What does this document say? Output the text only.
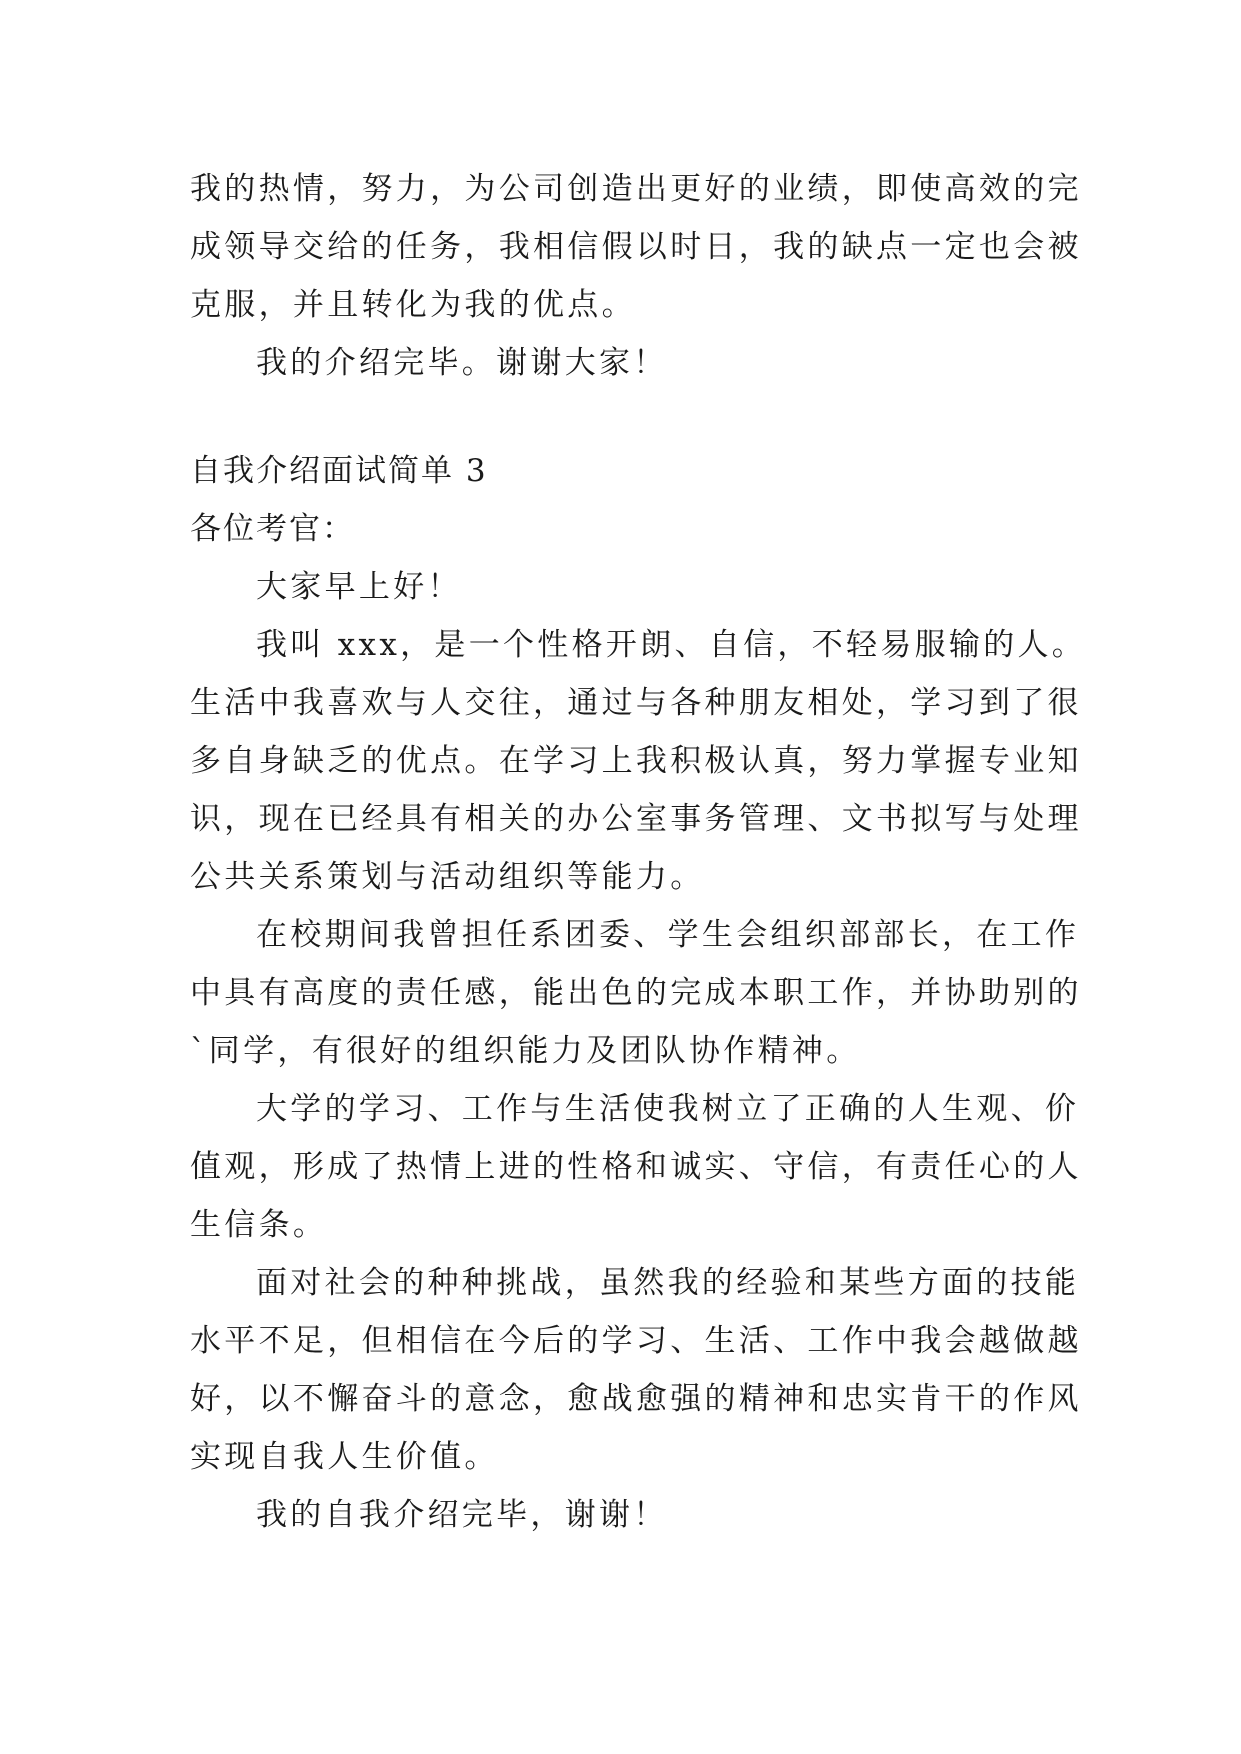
我的热情，努力，为公司创造出更好的业绩，即使高效的完
成领导交给的任务，我相信假以时日，我的缺点一定也会被
克服，并且转化为我的优点。
我的介绍完毕。谢谢大家！
自我介绍面试简单 3
各位考官：
大家早上好！
我叫 xxx，是一个性格开朗、自信，不轻易服输的人。
生活中我喜欢与人交往，通过与各种朋友相处，学习到了很
多自身缺乏的优点。在学习上我积极认真，努力掌握专业知
识，现在已经具有相关的办公室事务管理、文书拟写与处理
公共关系策划与活动组织等能力。
在校期间我曾担任系团委、学生会组织部部长，在工作
中具有高度的责任感，能出色的完成本职工作，并协助别的
`同学，有很好的组织能力及团队协作精神。
大学的学习、工作与生活使我树立了正确的人生观、价
值观，形成了热情上进的性格和诚实、守信，有责任心的人
生信条。
面对社会的种种挑战，虽然我的经验和某些方面的技能
水平不足，但相信在今后的学习、生活、工作中我会越做越
好，以不懈奋斗的意念，愈战愈强的精神和忠实肯干的作风
实现自我人生价值。
我的自我介绍完毕，谢谢！
